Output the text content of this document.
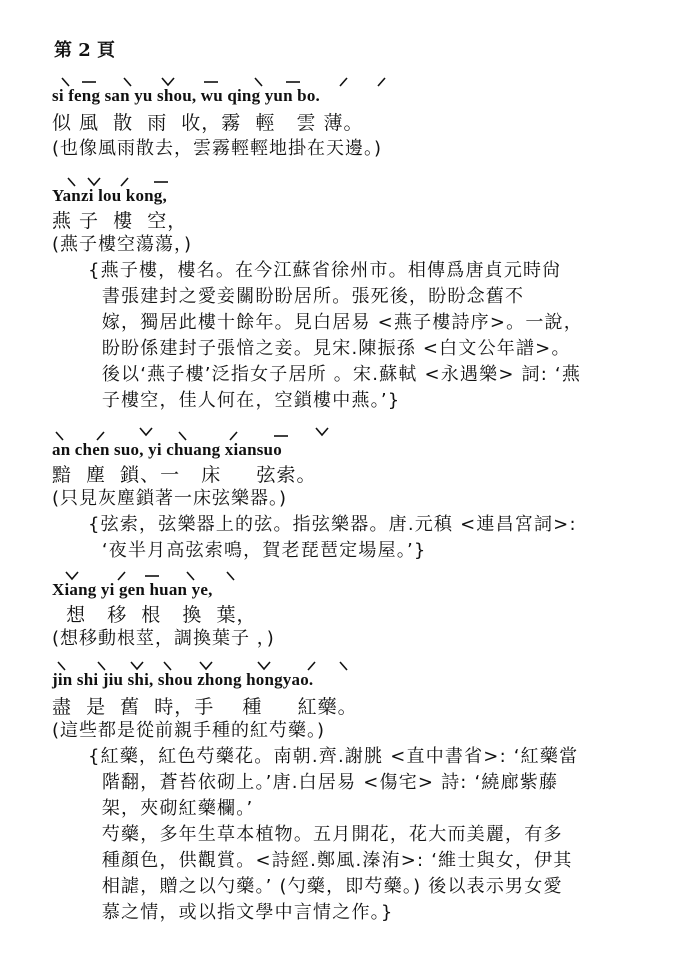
第 2 頁
si feng san yu shou, wu qing yun bo.
似 風  散  雨  收，霧  輕   雲 薄。
(也像風雨散去，雲霧輕輕地掛在天邊。)
Yanzi lou kong,
燕 子  樓  空，
(燕子樓空蕩蕩，)
{燕子樓，樓名。在今江蘇省徐州市。相傳爲唐貞元時尙
書張建封之愛妾關盼盼居所。張死後，盼盼念舊不
嫁，獨居此樓十餘年。見白居易 <燕子樓詩序>。一說，
盼盼係建封子張愔之妾。見宋.陳振孫 <白文公年譜>。
後以‘燕子樓’泛指女子居所 。宋.蘇軾 <永遇樂> 詞: ‘燕
子樓空，佳人何在，空鎖樓中燕。’}
an chen suo, yi chuang xiansuo
黯  塵  鎖、一   床     弦索。
(只見灰塵鎖著一床弦樂器。)
{弦索，弦樂器上的弦。指弦樂器。唐.元稹 <連昌宮詞>:
‘夜半月高弦索鳴，賀老琵琶定場屋。’}
Xiang yi gen huan ye,
想   移  根   換  葉，
(想移動根莖，調換葉子 ，)
jin shi jiu shi, shou zhong hongyao.
盡  是  舊  時，手    種     紅藥。
(這些都是從前親手種的紅芍藥。)
{紅藥，紅色芍藥花。南朝.齊.謝朓 <直中書省>: ‘紅藥當
階翻，蒼苔依砌上。’唐.白居易 <傷宅> 詩: ‘繞廊紫藤
架，夾砌紅藥欄。’
芍藥，多年生草本植物。五月開花，花大而美麗，有多
種顏色，供觀賞。<詩經.鄭風.溱洧>: ‘維士與女，伊其
相謔，贈之以勺藥。’ (勺藥，即芍藥。) 後以表示男女愛
慕之情，或以指文學中言情之作。}
